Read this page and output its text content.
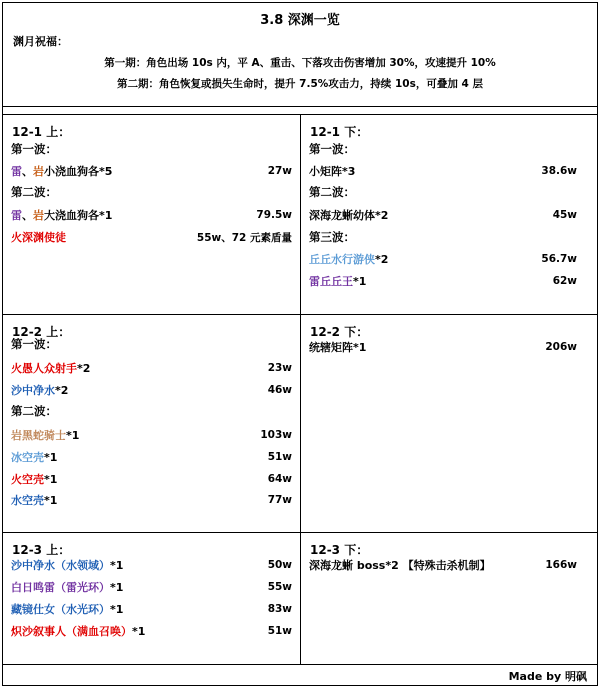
3.8 深渊一览
渊月祝福：
第一期：角色出场 10s 内，平 A、重击、下落攻击伤害增加 30%，攻速提升 10%
第二期：角色恢复或损失生命时，提升 7.5%攻击力，持续 10s，可叠加 4 层
12-1 上：
第一波：
雷 、 岩 小浇血狗各*5	27w
第二波：
雷 、 岩 大浇血狗各*1	79.5w
火深渊使徒	55w、72 元素盾量
12-1 下：
第一波：
小矩阵*3	38.6w
第二波：
深海龙蜥幼体*2	45w
第三波：
丘丘水行游侠 *2	56.7w
雷丘丘王 *1	62w
12-2 上：
第一波：
火愚人众射手 *2	23w
沙中净水 *2	46w
第二波：
岩黑蛇骑士 *1	103w
冰空壳 *1	51w
火空壳 *1	64w
水空壳 *1	77w
12-2 下：
统辖矩阵*1	206w
12-3 上：
沙中净水（水领域） *1	50w
白日鸣雷（雷光环） *1	55w
藏镜仕女（水光环） *1	83w
炽沙叙事人（满血召唤） *1	51w
12-3 下：
深海龙蜥 boss*2 【特殊击杀机制】	166w
Made by 明砜
